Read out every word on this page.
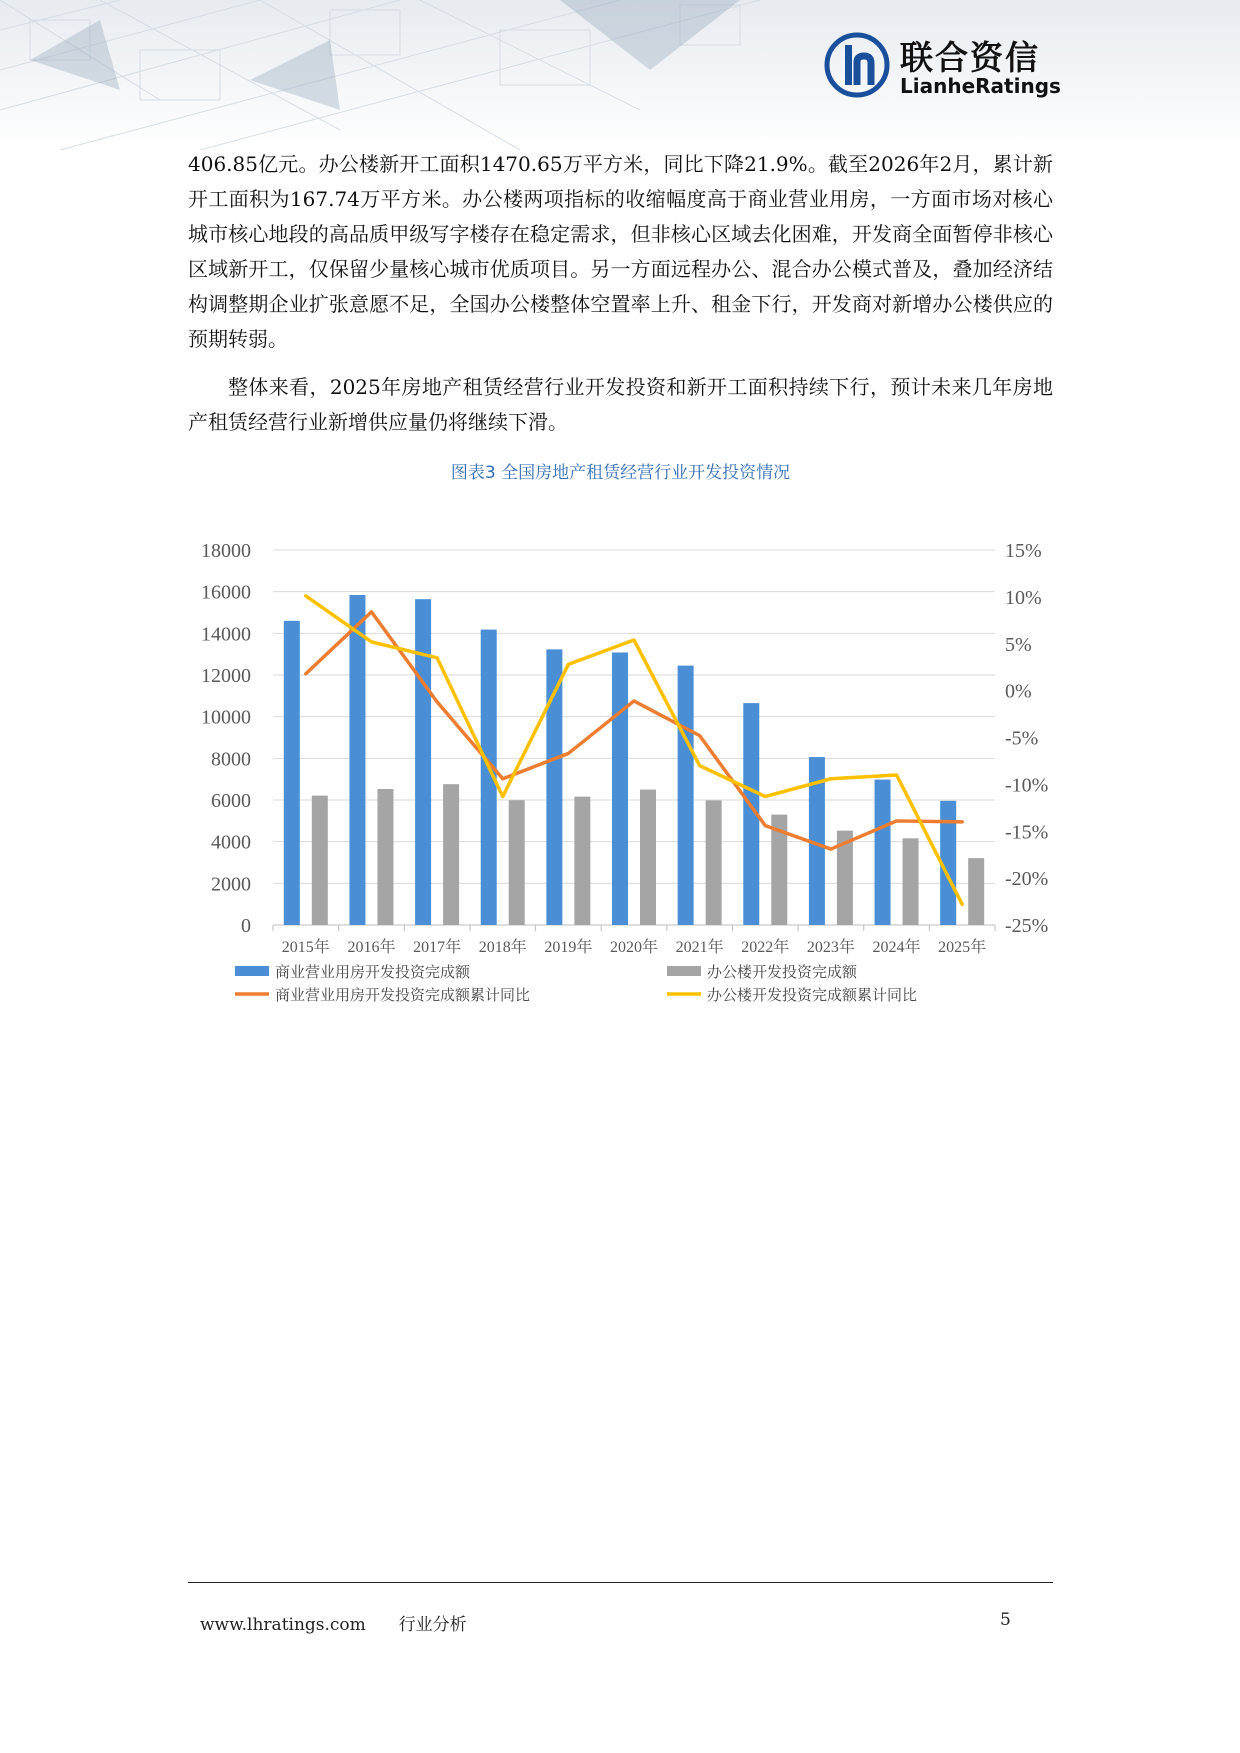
联合资信
LianheRatings
406.85亿元。办公楼新开工面积1470.65万平方米，同比下降21.9%。截至2026年2月，累计新开工面积为167.74万平方米。办公楼两项指标的收缩幅度高于商业营业用房，一方面市场对核心城市核心地段的高品质甲级写字楼存在稳定需求，但非核心区域去化困难，开发商全面暂停非核心区域新开工，仅保留少量核心城市优质项目。另一方面远程办公、混合办公模式普及，叠加经济结构调整期企业扩张意愿不足，全国办公楼整体空置率上升、租金下行，开发商对新增办公楼供应的预期转弱。
整体来看，2025年房地产租赁经营行业开发投资和新开工面积持续下行，预计未来几年房地产租赁经营行业新增供应量仍将继续下滑。
图表3 全国房地产租赁经营行业开发投资情况
0
2000
4000
6000
8000
10000
12000
14000
16000
18000
-25%
-20%
-15%
-10%
-5%
0%
5%
10%
15%
2015年 2016年 2017年 2018年 2019年 2020年 2021年 2022年 2023年 2024年 2025年
商业营业用房开发投资完成额	办公楼开发投资完成额
商业营业用房开发投资完成额累计同比	办公楼开发投资完成额累计同比
www.lhratings.com 行业分析	5
